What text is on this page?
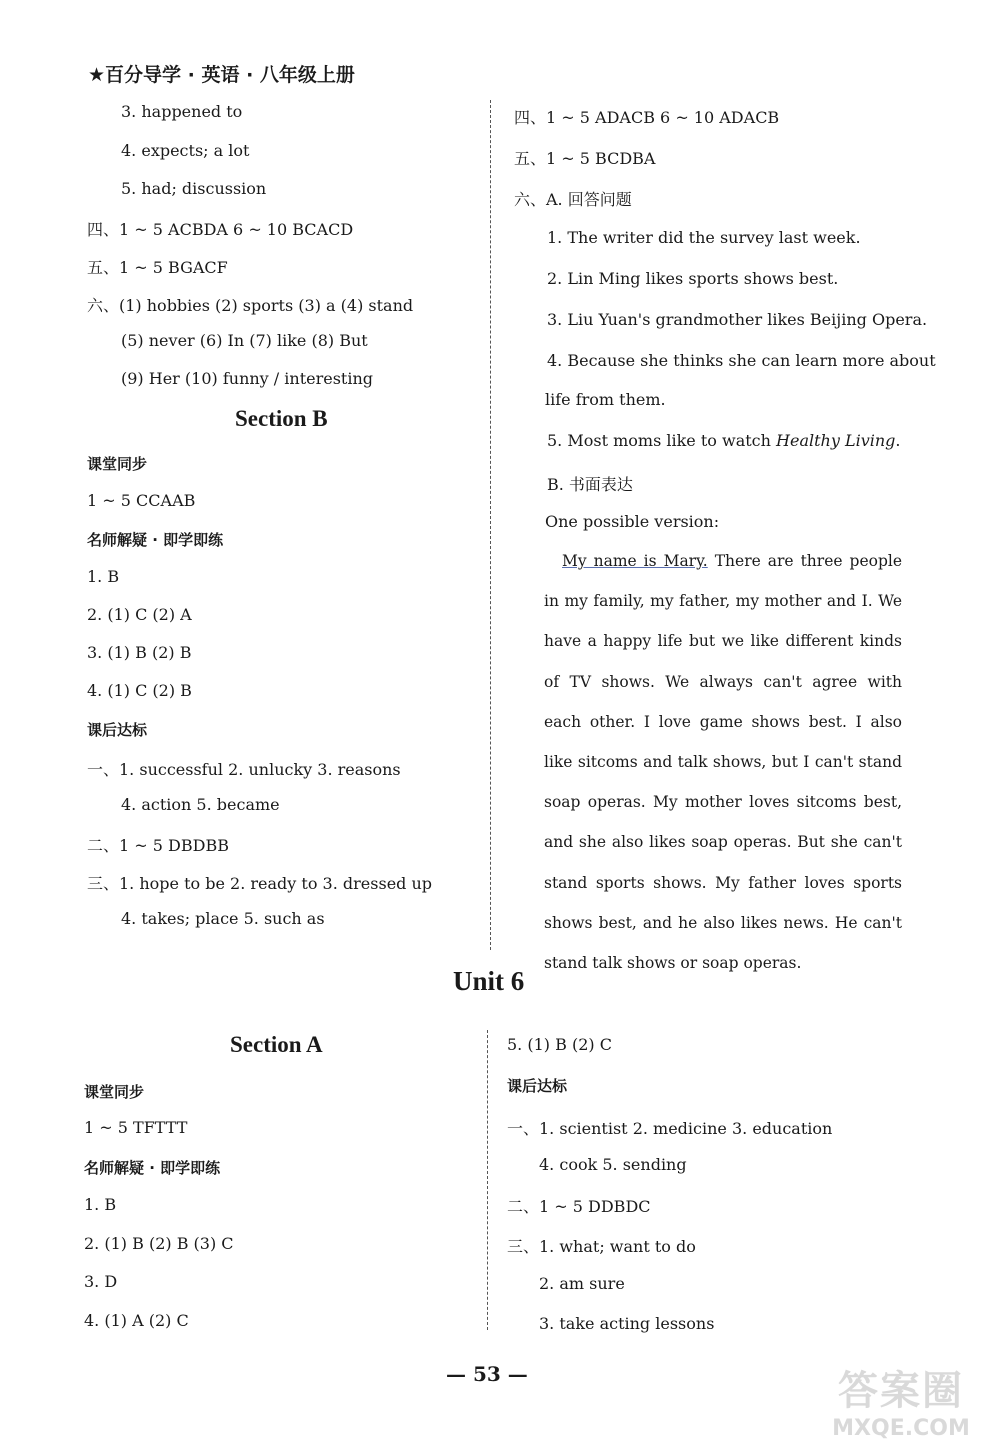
★百分导学 · 英语 · 八年级上册
3. happened to
4. expects; a lot
5. had; discussion
四、1 ~ 5 ACBDA 6 ~ 10 BCACD
五、1 ~ 5 BGACF
六、(1) hobbies (2) sports (3) a (4) stand
(5) never (6) In (7) like (8) But
(9) Her (10) funny / interesting
Section B
课堂同步
1 ~ 5 CCAAB
名师解疑 · 即学即练
1. B
2. (1) C (2) A
3. (1) B (2) B
4. (1) C (2) B
课后达标
一、1. successful 2. unlucky 3. reasons
4. action 5. became
二、1 ~ 5 DBDBB
三、1. hope to be 2. ready to 3. dressed up
4. takes; place 5. such as
四、1 ~ 5 ADACB 6 ~ 10 ADACB
五、1 ~ 5 BCDBA
六、A. 回答问题
1. The writer did the survey last week.
2. Lin Ming likes sports shows best.
3. Liu Yuan's grandmother likes Beijing Opera.
4. Because she thinks she can learn more about
life from them.
5. Most moms like to watch Healthy Living.
B. 书面表达
One possible version:
My name is Mary. There are three people in my family, my father, my mother and I. We have a happy life but we like different kinds of TV shows. We always can't agree with each other. I love game shows best. I also like sitcoms and talk shows, but I can't stand soap operas. My mother loves sitcoms best, and she also likes soap operas. But she can't stand sports shows. My father loves sports shows best, and he also likes news. He can't stand talk shows or soap operas.
Unit 6
Section A
课堂同步
1 ~ 5 TFTTT
名师解疑 · 即学即练
1. B
2. (1) B (2) B (3) C
3. D
4. (1) A (2) C
5. (1) B (2) C
课后达标
一、1. scientist 2. medicine 3. education
4. cook 5. sending
二、1 ~ 5 DDBDC
三、1. what; want to do
2. am sure
3. take acting lessons
— 53 —	答案圈
MXQE.COM
